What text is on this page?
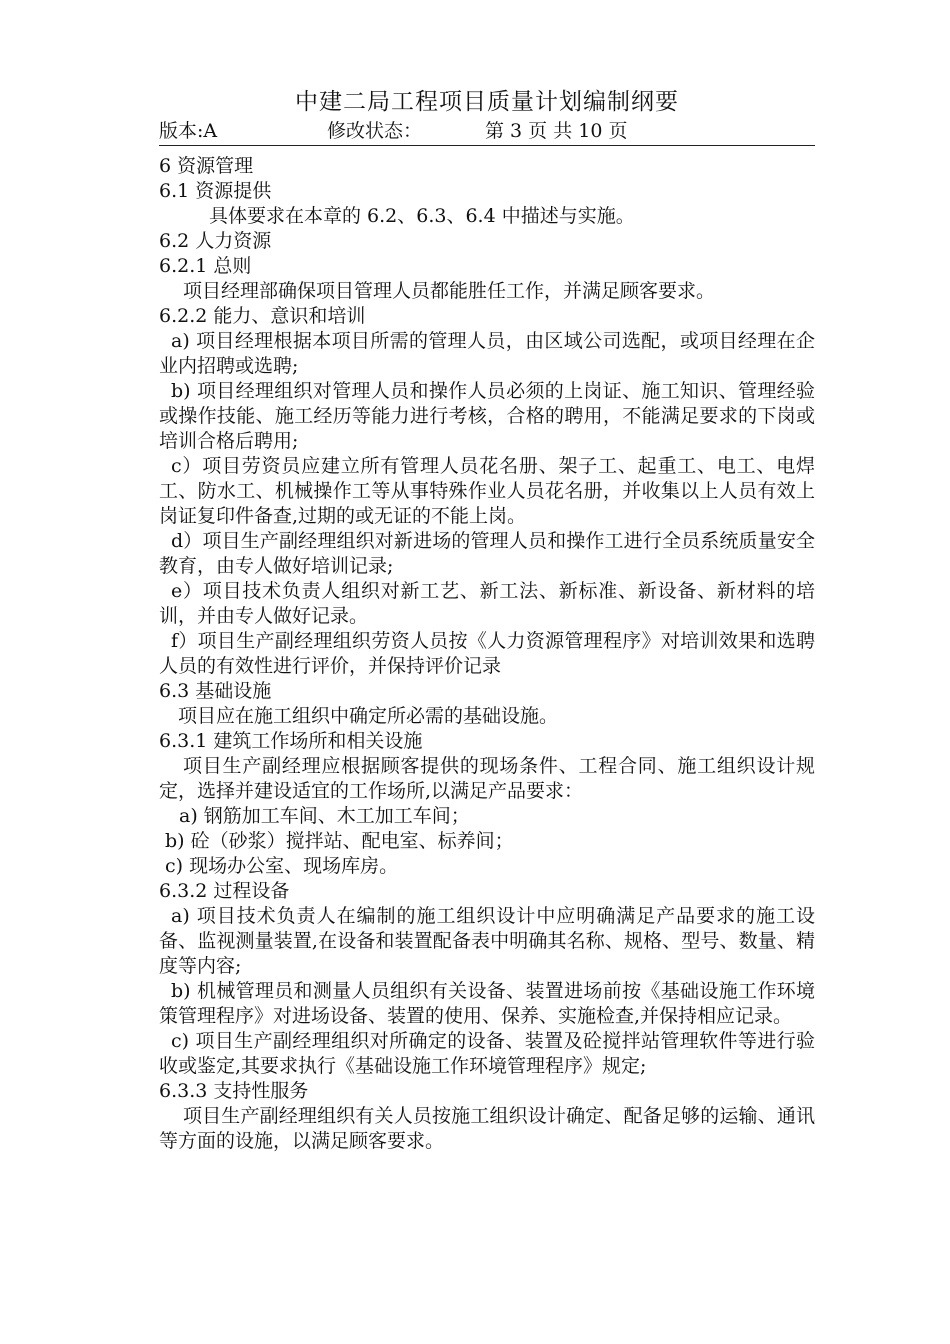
中建二局工程项目质量计划编制纲要
版本:A	修改状态：	第 3 页 共 10 页

6 资源管理

6.1 资源提供

具体要求在本章的 6.2、6.3、6.4 中描述与实施。

6.2 人力资源

6.2.1 总则

项目经理部确保项目管理人员都能胜任工作，并满足顾客要求。

6.2.2 能力、意识和培训

a) 项目经理根据本项目所需的管理人员，由区域公司选配，或项目经理在企业内招聘或选聘;

b) 项目经理组织对管理人员和操作人员必须的上岗证、施工知识、管理经验或操作技能、施工经历等能力进行考核，合格的聘用，不能满足要求的下岗或培训合格后聘用;

c）项目劳资员应建立所有管理人员花名册、架子工、起重工、电工、电焊工、防水工、机械操作工等从事特殊作业人员花名册，并收集以上人员有效上岗证复印件备查,过期的或无证的不能上岗。

d）项目生产副经理组织对新进场的管理人员和操作工进行全员系统质量安全教育，由专人做好培训记录;

e）项目技术负责人组织对新工艺、新工法、新标准、新设备、新材料的培训，并由专人做好记录。

f）项目生产副经理组织劳资人员按《人力资源管理程序》对培训效果和选聘人员的有效性进行评价，并保持评价记录

6.3 基础设施

项目应在施工组织中确定所必需的基础设施。

6.3.1 建筑工作场所和相关设施

项目生产副经理应根据顾客提供的现场条件、工程合同、施工组织设计规定，选择并建设适宜的工作场所,以满足产品要求：

a) 钢筋加工车间、木工加工车间；

b) 砼（砂浆）搅拌站、配电室、标养间；

c) 现场办公室、现场库房。

6.3.2 过程设备

a) 项目技术负责人在编制的施工组织设计中应明确满足产品要求的施工设备、监视测量装置,在设备和装置配备表中明确其名称、规格、型号、数量、精度等内容;

b) 机械管理员和测量人员组织有关设备、装置进场前按《基础设施工作环境策管理程序》对进场设备、装置的使用、保养、实施检查,并保持相应记录。

c) 项目生产副经理组织对所确定的设备、装置及砼搅拌站管理软件等进行验收或鉴定,其要求执行《基础设施工作环境管理程序》规定;

6.3.3 支持性服务

项目生产副经理组织有关人员按施工组织设计确定、配备足够的运输、通讯等方面的设施，以满足顾客要求。
